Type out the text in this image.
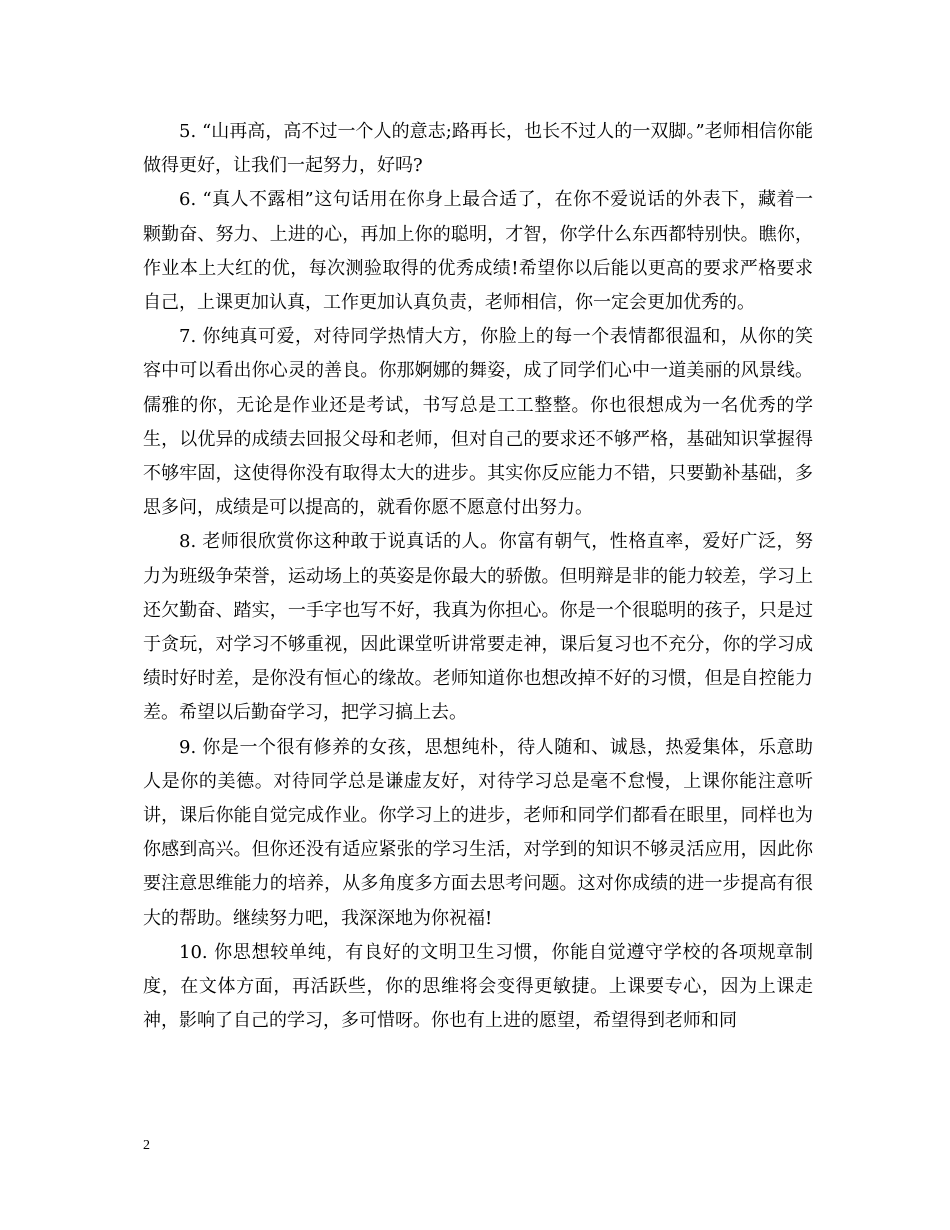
5. “山再高，高不过一个人的意志;路再长，也长不过人的一双脚。”老师相信你能做得更好，让我们一起努力，好吗?

6. “真人不露相”这句话用在你身上最合适了，在你不爱说话的外表下，藏着一颗勤奋、努力、上进的心，再加上你的聪明，才智，你学什么东西都特别快。瞧你，作业本上大红的优，每次测验取得的优秀成绩!希望你以后能以更高的要求严格要求自己，上课更加认真，工作更加认真负责，老师相信，你一定会更加优秀的。

7. 你纯真可爱，对待同学热情大方，你脸上的每一个表情都很温和，从你的笑容中可以看出你心灵的善良。你那婀娜的舞姿，成了同学们心中一道美丽的风景线。儒雅的你，无论是作业还是考试，书写总是工工整整。你也很想成为一名优秀的学生，以优异的成绩去回报父母和老师，但对自己的要求还不够严格，基础知识掌握得不够牢固，这使得你没有取得太大的进步。其实你反应能力不错，只要勤补基础，多思多问，成绩是可以提高的，就看你愿不愿意付出努力。

8. 老师很欣赏你这种敢于说真话的人。你富有朝气，性格直率，爱好广泛，努力为班级争荣誉，运动场上的英姿是你最大的骄傲。但明辩是非的能力较差，学习上还欠勤奋、踏实，一手字也写不好，我真为你担心。你是一个很聪明的孩子，只是过于贪玩，对学习不够重视，因此课堂听讲常要走神，课后复习也不充分，你的学习成绩时好时差，是你没有恒心的缘故。老师知道你也想改掉不好的习惯，但是自控能力差。希望以后勤奋学习，把学习搞上去。

9. 你是一个很有修养的女孩，思想纯朴，待人随和、诚恳，热爱集体，乐意助人是你的美德。对待同学总是谦虚友好，对待学习总是毫不怠慢，上课你能注意听讲，课后你能自觉完成作业。你学习上的进步，老师和同学们都看在眼里，同样也为你感到高兴。但你还没有适应紧张的学习生活，对学到的知识不够灵活应用，因此你要注意思维能力的培养，从多角度多方面去思考问题。这对你成绩的进一步提高有很大的帮助。继续努力吧，我深深地为你祝福!

10. 你思想较单纯，有良好的文明卫生习惯，你能自觉遵守学校的各项规章制度，在文体方面，再活跃些，你的思维将会变得更敏捷。上课要专心，因为上课走神，影响了自己的学习，多可惜呀。你也有上进的愿望，希望得到老师和同

2
